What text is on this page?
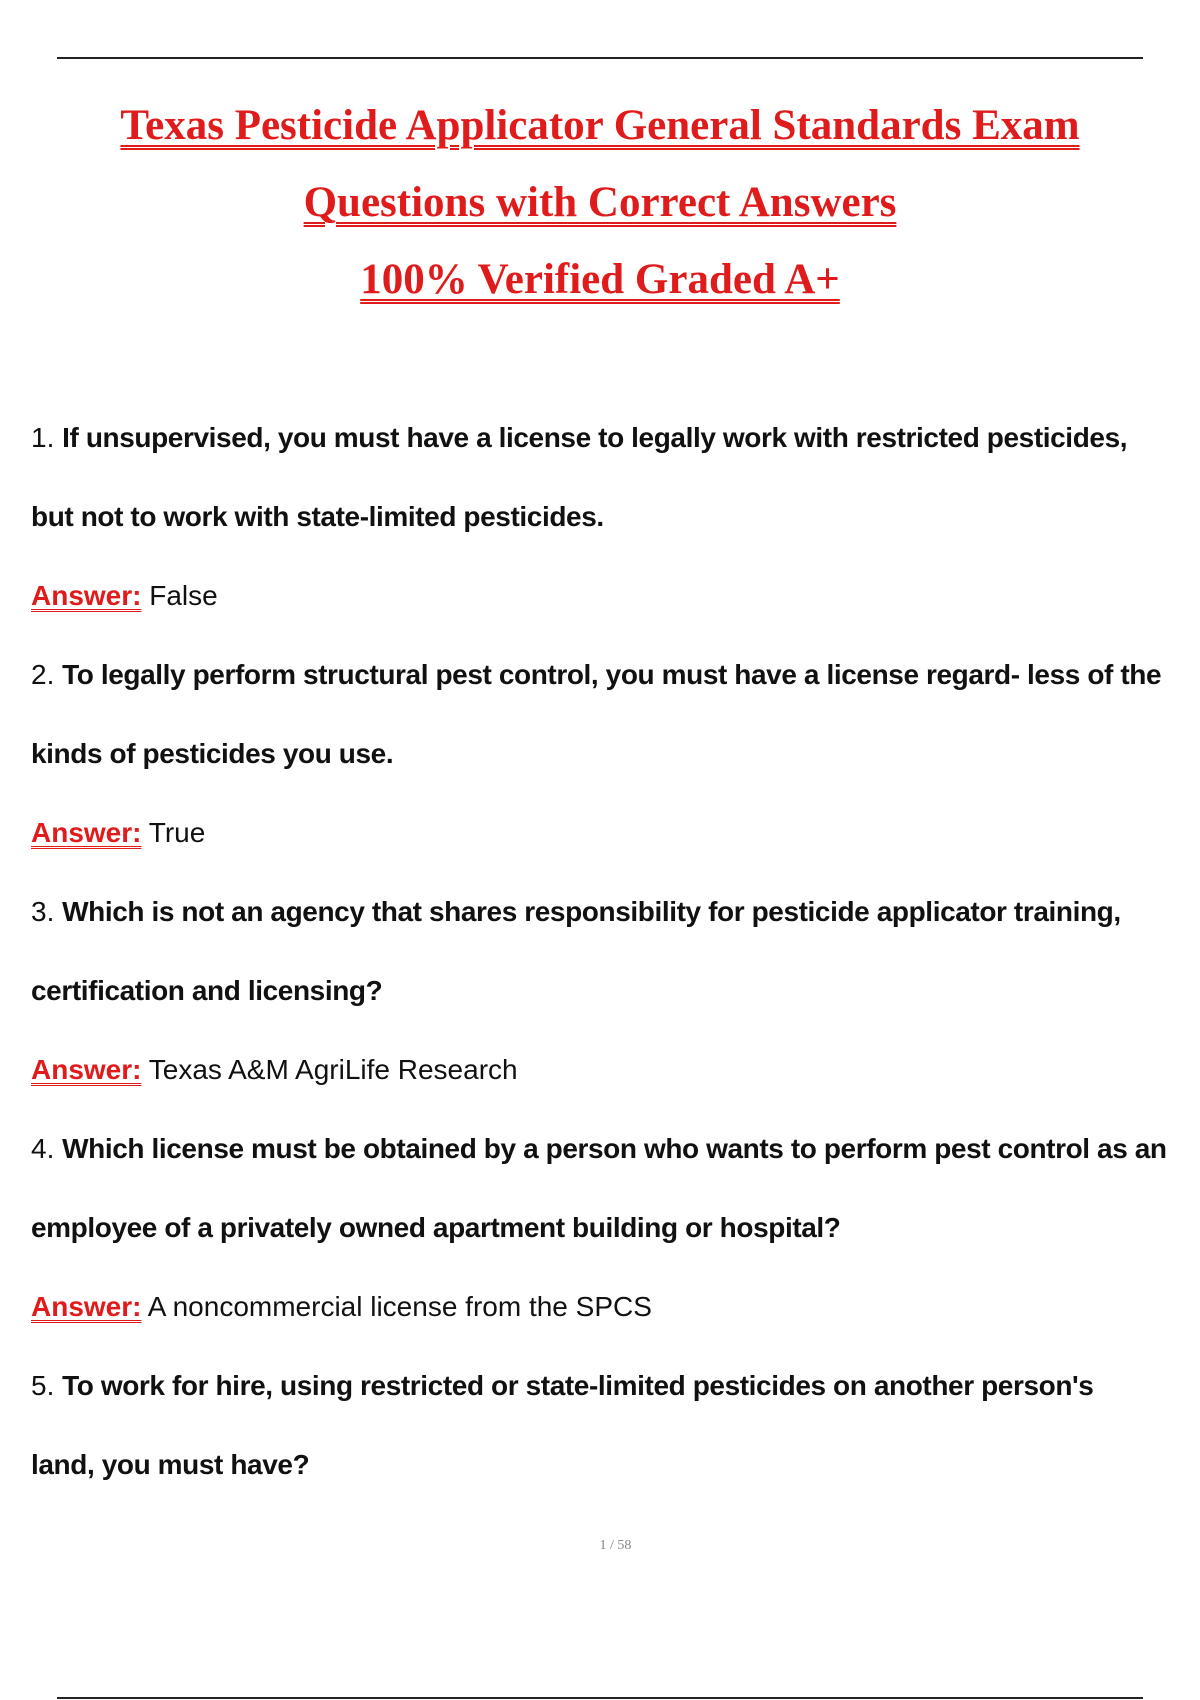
Texas Pesticide Applicator General Standards Exam
Questions with Correct Answers
100% Verified Graded A+
1. If unsupervised, you must have a license to legally work with restricted pesticides,
but not to work with state-limited pesticides.
Answer: False
2. To legally perform structural pest control, you must have a license regard- less of the
kinds of pesticides you use.
Answer: True
3. Which is not an agency that shares responsibility for pesticide applicator training,
certification and licensing?
Answer: Texas A&M AgriLife Research
4. Which license must be obtained by a person who wants to perform pest control as an
employee of a privately owned apartment building or hospital?
Answer: A noncommercial license from the SPCS
5. To work for hire, using restricted or state-limited pesticides on another person's
land, you must have?
1 / 58
